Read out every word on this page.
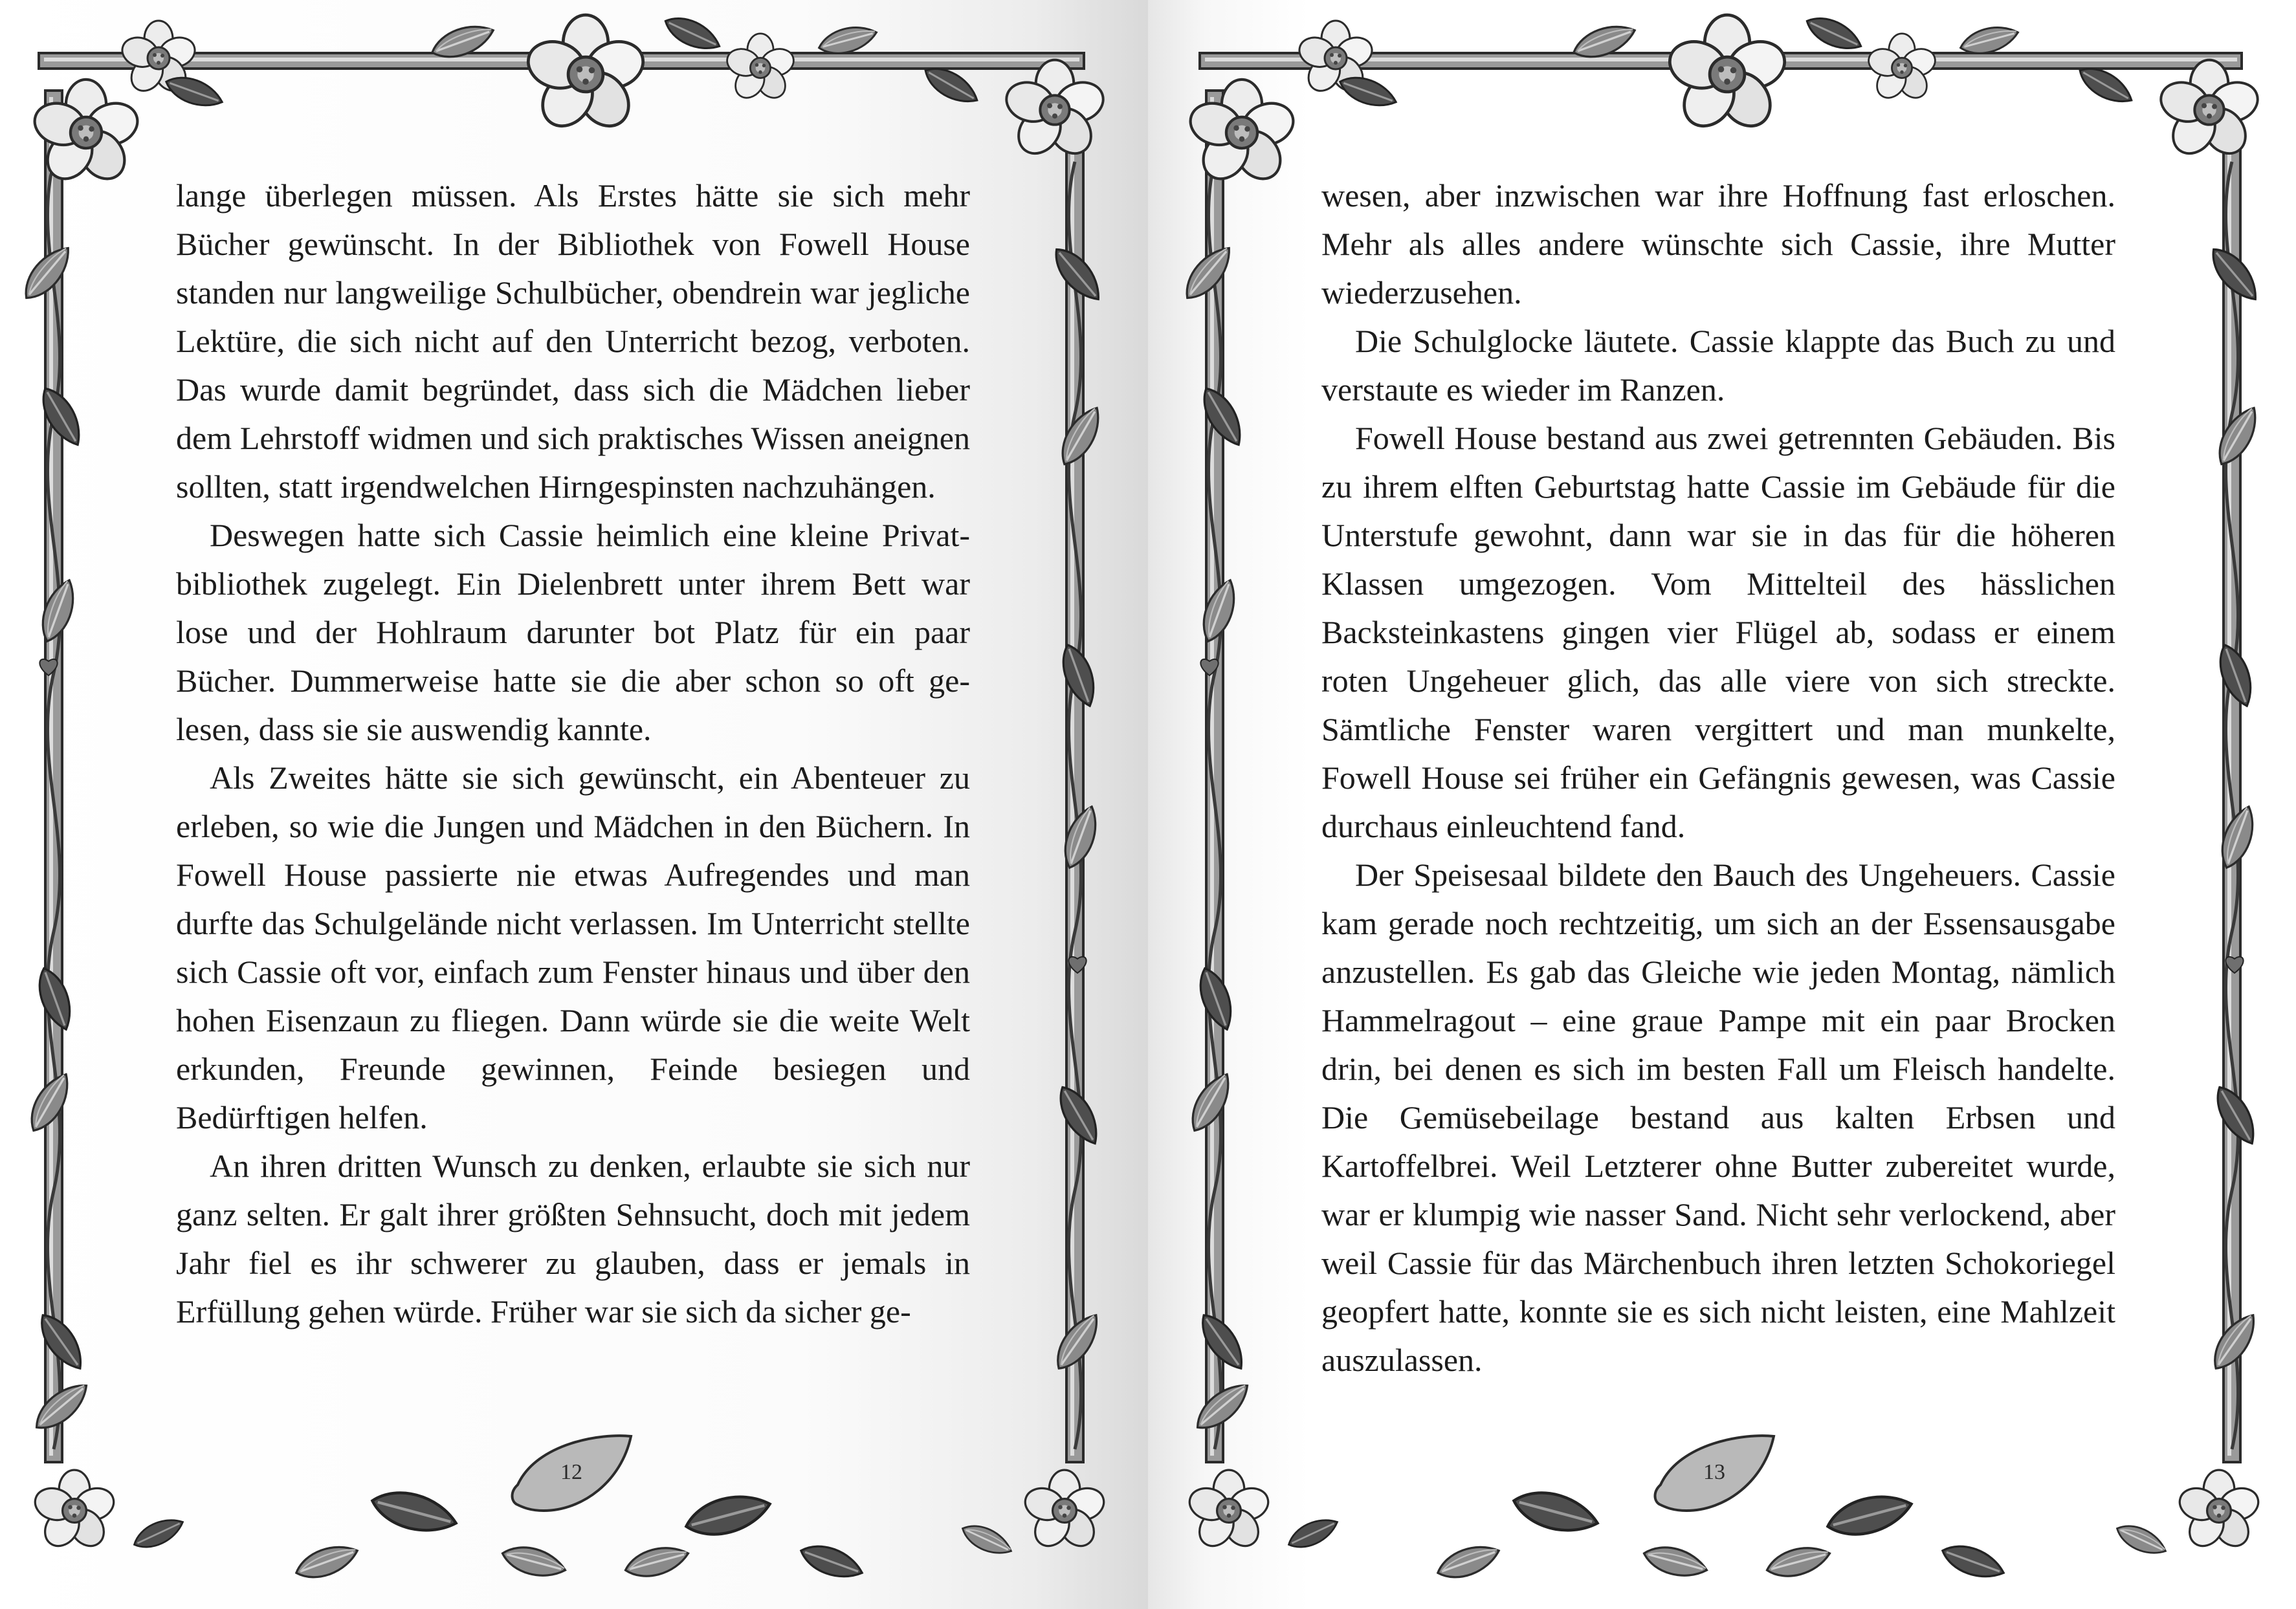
lange überlegen müssen. Als Erstes hätte sie sich mehr Bücher gewünscht. In der Bibliothek von Fowell House standen nur langweilige Schulbücher, obendrein war jegliche Lektüre, die sich nicht auf den Unterricht bezog, verboten. Das wurde damit begründet, dass sich die Mädchen lieber dem Lehrstoff widmen und sich praktisches Wissen aneignen sollten, statt irgendwelchen Hirngespinsten nachzuhängen.

Deswegen hatte sich Cassie heimlich eine kleine Privatbibliothek zugelegt. Ein Dielenbrett unter ihrem Bett war lose und der Hohlraum darunter bot Platz für ein paar Bücher. Dummerweise hatte sie die aber schon so oft gelesen, dass sie sie auswendig kannte.

Als Zweites hätte sie sich gewünscht, ein Abenteuer zu erleben, so wie die Jungen und Mädchen in den Büchern. In Fowell House passierte nie etwas Aufregendes und man durfte das Schulgelände nicht verlassen. Im Unterricht stellte sich Cassie oft vor, einfach zum Fenster hinaus und über den hohen Eisenzaun zu fliegen. Dann würde sie die weite Welt erkunden, Freunde gewinnen, Feinde besiegen und Bedürftigen helfen.

An ihren dritten Wunsch zu denken, erlaubte sie sich nur ganz selten. Er galt ihrer größten Sehnsucht, doch mit jedem Jahr fiel es ihr schwerer zu glauben, dass er jemals in Erfüllung gehen würde. Früher war sie sich da sicher ge-

12

wesen, aber inzwischen war ihre Hoffnung fast erloschen. Mehr als alles andere wünschte sich Cassie, ihre Mutter wiederzusehen.

Die Schulglocke läutete. Cassie klappte das Buch zu und verstaute es wieder im Ranzen.

Fowell House bestand aus zwei getrennten Gebäuden. Bis zu ihrem elften Geburtstag hatte Cassie im Gebäude für die Unterstufe gewohnt, dann war sie in das für die höheren Klassen umgezogen. Vom Mittelteil des hässlichen Backsteinkastens gingen vier Flügel ab, sodass er einem roten Ungeheuer glich, das alle viere von sich streckte. Sämtliche Fenster waren vergittert und man munkelte, Fowell House sei früher ein Gefängnis gewesen, was Cassie durchaus einleuchtend fand.

Der Speisesaal bildete den Bauch des Ungeheuers. Cassie kam gerade noch rechtzeitig, um sich an der Essensausgabe anzustellen. Es gab das Gleiche wie jeden Montag, nämlich Hammelragout – eine graue Pampe mit ein paar Brocken drin, bei denen es sich im besten Fall um Fleisch handelte. Die Gemüsebeilage bestand aus kalten Erbsen und Kartoffelbrei. Weil Letzterer ohne Butter zubereitet wurde, war er klumpig wie nasser Sand. Nicht sehr verlockend, aber weil Cassie für das Märchenbuch ihren letzten Schokoriegel geopfert hatte, konnte sie es sich nicht leisten, eine Mahlzeit auszulassen.

13
